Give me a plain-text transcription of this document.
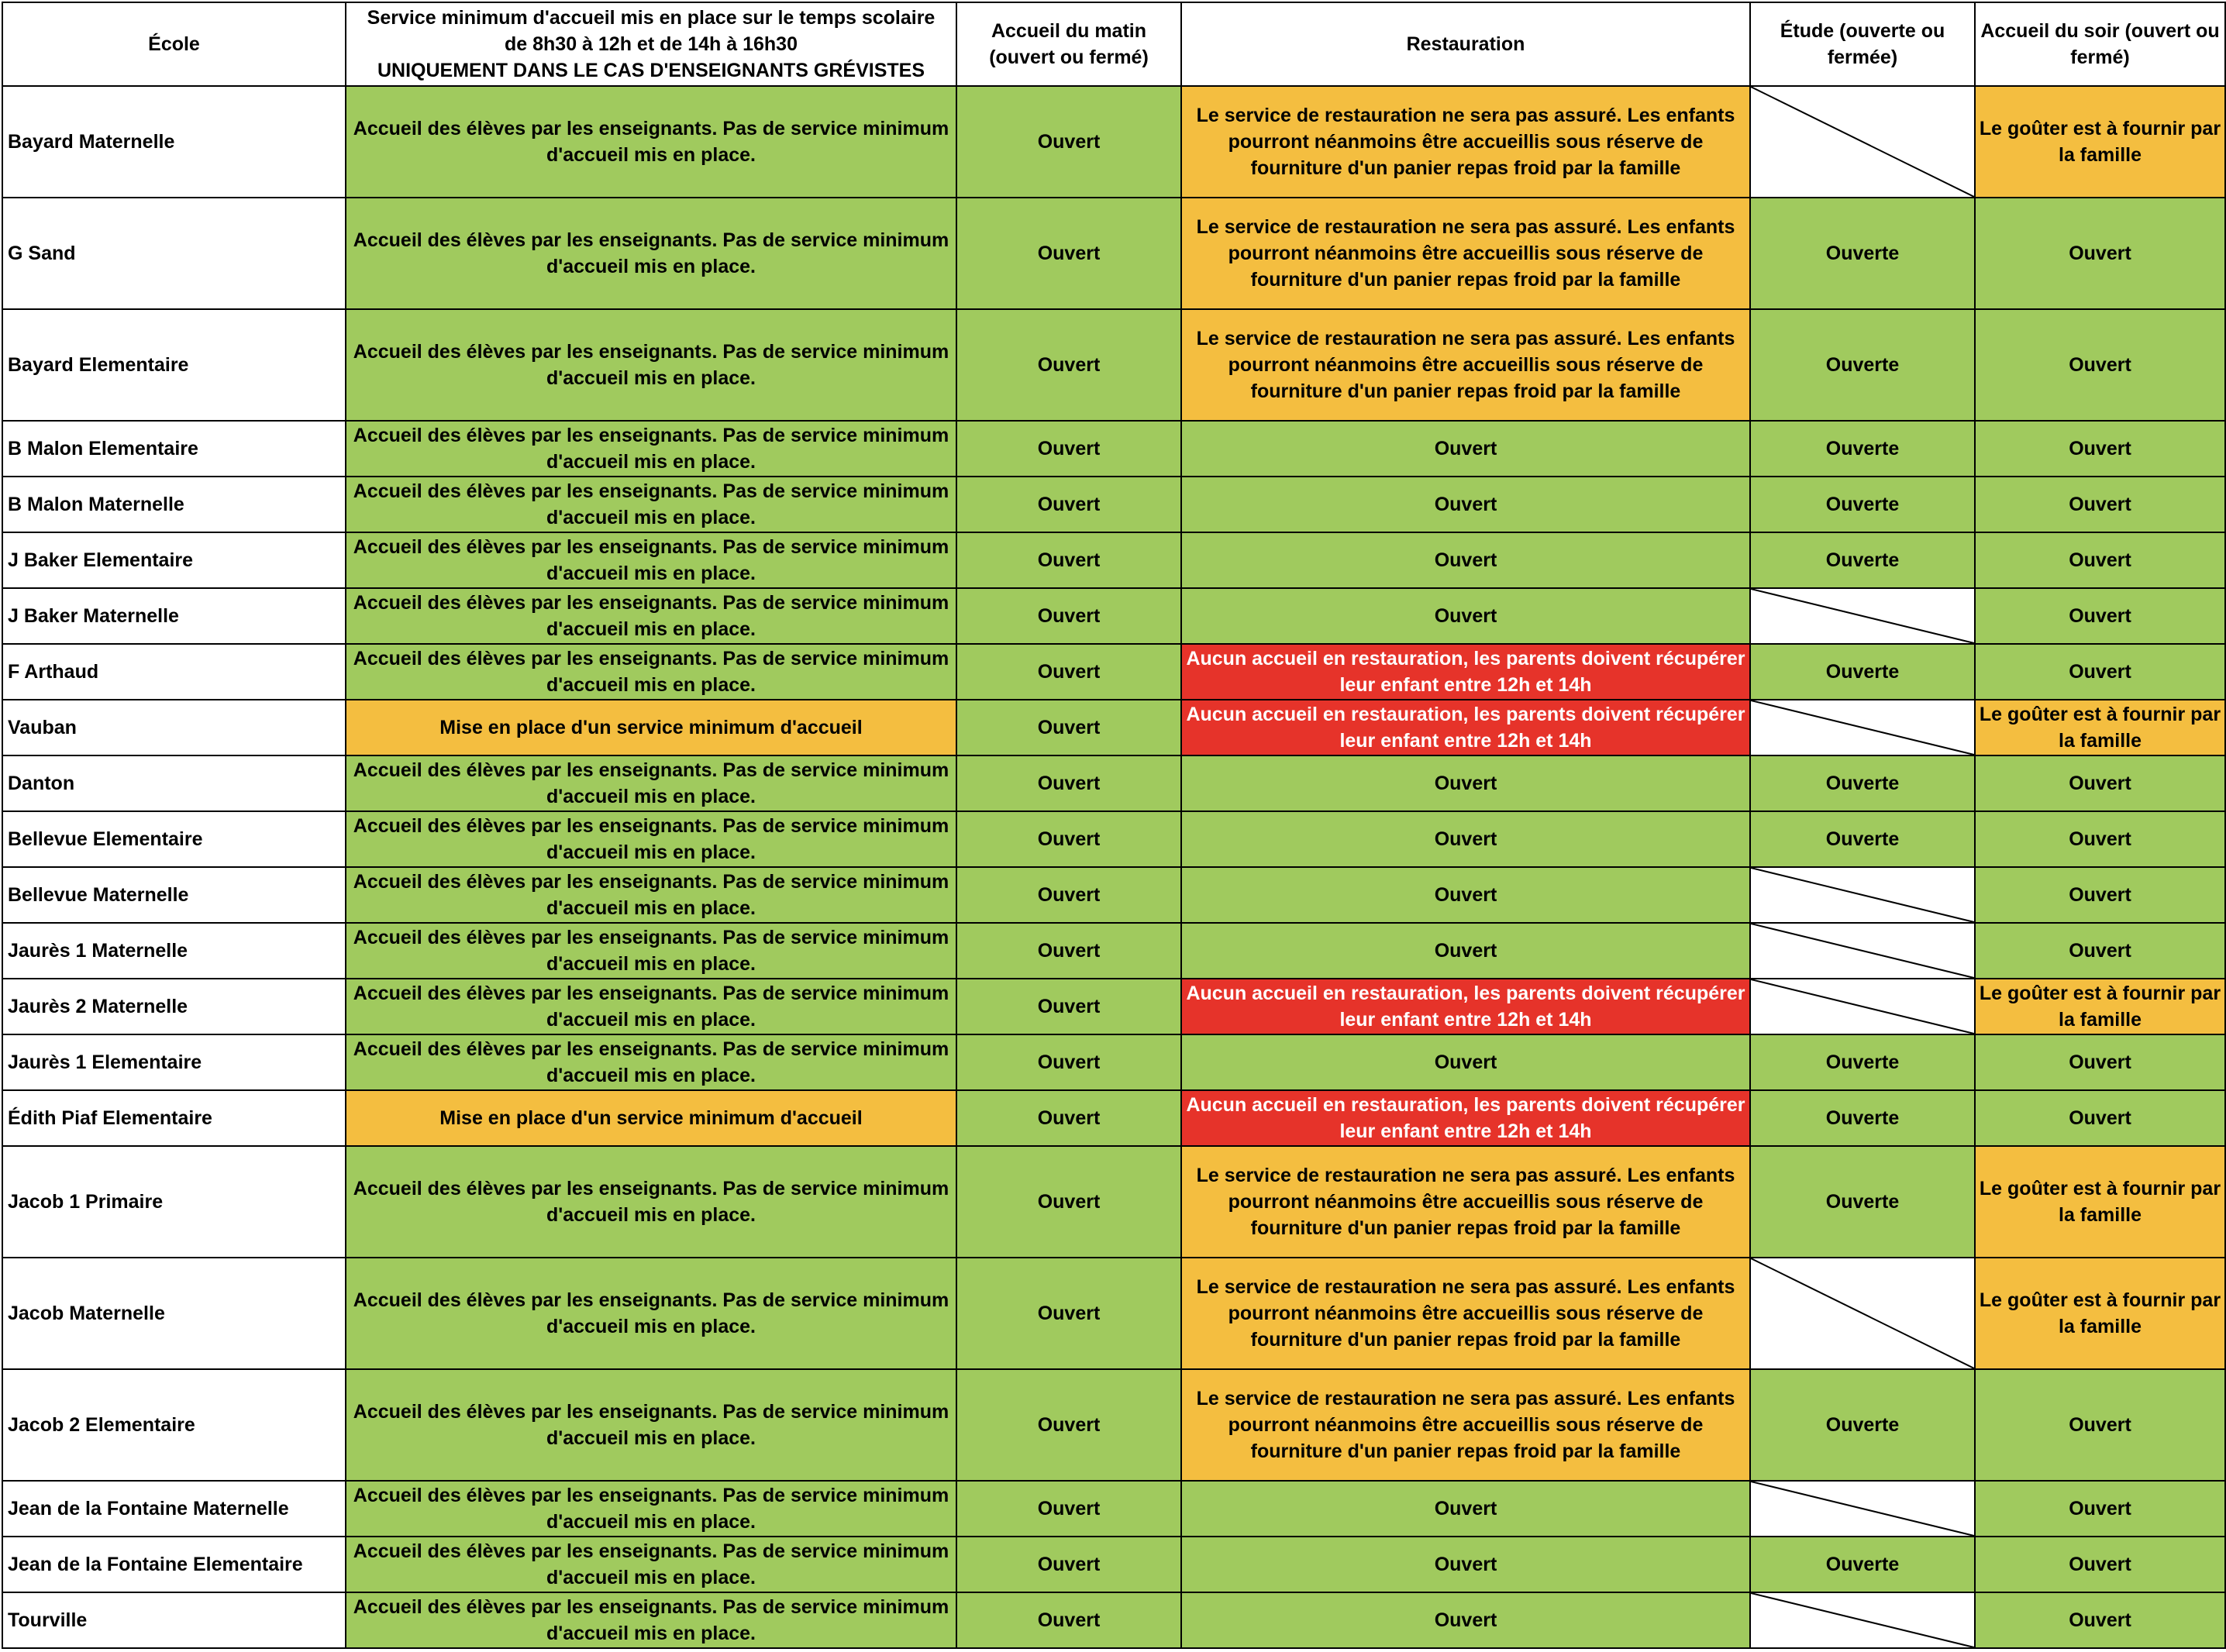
École	Service minimum d'accueil mis en place sur le temps scolaire
de 8h30 à 12h et de 14h à 16h30
UNIQUEMENT DANS LE CAS D'ENSEIGNANTS GRÉVISTES	Accueil du matin (ouvert ou fermé)	Restauration	Étude (ouverte ou fermée)	Accueil du soir (ouvert ou fermé)
Bayard Maternelle	Accueil des élèves par les enseignants. Pas de service minimum d'accueil mis en place.	Ouvert	Le service de restauration ne sera pas assuré. Les enfants pourront néanmoins être accueillis sous réserve de fourniture d'un panier repas froid par la famille		Le goûter est à fournir par la famille
G Sand	Accueil des élèves par les enseignants. Pas de service minimum d'accueil mis en place.	Ouvert	Le service de restauration ne sera pas assuré. Les enfants pourront néanmoins être accueillis sous réserve de fourniture d'un panier repas froid par la famille	Ouverte	Ouvert
Bayard Elementaire	Accueil des élèves par les enseignants. Pas de service minimum d'accueil mis en place.	Ouvert	Le service de restauration ne sera pas assuré. Les enfants pourront néanmoins être accueillis sous réserve de fourniture d'un panier repas froid par la famille	Ouverte	Ouvert
B Malon Elementaire	Accueil des élèves par les enseignants. Pas de service minimum d'accueil mis en place.	Ouvert	Ouvert	Ouverte	Ouvert
B Malon Maternelle	Accueil des élèves par les enseignants. Pas de service minimum d'accueil mis en place.	Ouvert	Ouvert	Ouverte	Ouvert
J Baker Elementaire	Accueil des élèves par les enseignants. Pas de service minimum d'accueil mis en place.	Ouvert	Ouvert	Ouverte	Ouvert
J Baker Maternelle	Accueil des élèves par les enseignants. Pas de service minimum d'accueil mis en place.	Ouvert	Ouvert		Ouvert
F Arthaud	Accueil des élèves par les enseignants. Pas de service minimum d'accueil mis en place.	Ouvert	Aucun accueil en restauration, les parents doivent récupérer leur enfant entre 12h et 14h	Ouverte	Ouvert
Vauban	Mise en place d'un service minimum d'accueil	Ouvert	Aucun accueil en restauration, les parents doivent récupérer leur enfant entre 12h et 14h		Le goûter est à fournir par la famille
Danton	Accueil des élèves par les enseignants. Pas de service minimum d'accueil mis en place.	Ouvert	Ouvert	Ouverte	Ouvert
Bellevue Elementaire	Accueil des élèves par les enseignants. Pas de service minimum d'accueil mis en place.	Ouvert	Ouvert	Ouverte	Ouvert
Bellevue Maternelle	Accueil des élèves par les enseignants. Pas de service minimum d'accueil mis en place.	Ouvert	Ouvert		Ouvert
Jaurès 1 Maternelle	Accueil des élèves par les enseignants. Pas de service minimum d'accueil mis en place.	Ouvert	Ouvert		Ouvert
Jaurès 2 Maternelle	Accueil des élèves par les enseignants. Pas de service minimum d'accueil mis en place.	Ouvert	Aucun accueil en restauration, les parents doivent récupérer leur enfant entre 12h et 14h		Le goûter est à fournir par la famille
Jaurès 1 Elementaire	Accueil des élèves par les enseignants. Pas de service minimum d'accueil mis en place.	Ouvert	Ouvert	Ouverte	Ouvert
Édith Piaf Elementaire	Mise en place d'un service minimum d'accueil	Ouvert	Aucun accueil en restauration, les parents doivent récupérer leur enfant entre 12h et 14h	Ouverte	Ouvert
Jacob 1 Primaire	Accueil des élèves par les enseignants. Pas de service minimum d'accueil mis en place.	Ouvert	Le service de restauration ne sera pas assuré. Les enfants pourront néanmoins être accueillis sous réserve de fourniture d'un panier repas froid par la famille	Ouverte	Le goûter est à fournir par la famille
Jacob Maternelle	Accueil des élèves par les enseignants. Pas de service minimum d'accueil mis en place.	Ouvert	Le service de restauration ne sera pas assuré. Les enfants pourront néanmoins être accueillis sous réserve de fourniture d'un panier repas froid par la famille		Le goûter est à fournir par la famille
Jacob 2 Elementaire	Accueil des élèves par les enseignants. Pas de service minimum d'accueil mis en place.	Ouvert	Le service de restauration ne sera pas assuré. Les enfants pourront néanmoins être accueillis sous réserve de fourniture d'un panier repas froid par la famille	Ouverte	Ouvert
Jean de la Fontaine Maternelle	Accueil des élèves par les enseignants. Pas de service minimum d'accueil mis en place.	Ouvert	Ouvert		Ouvert
Jean de la Fontaine Elementaire	Accueil des élèves par les enseignants. Pas de service minimum d'accueil mis en place.	Ouvert	Ouvert	Ouverte	Ouvert
Tourville	Accueil des élèves par les enseignants. Pas de service minimum d'accueil mis en place.	Ouvert	Ouvert		Ouvert
